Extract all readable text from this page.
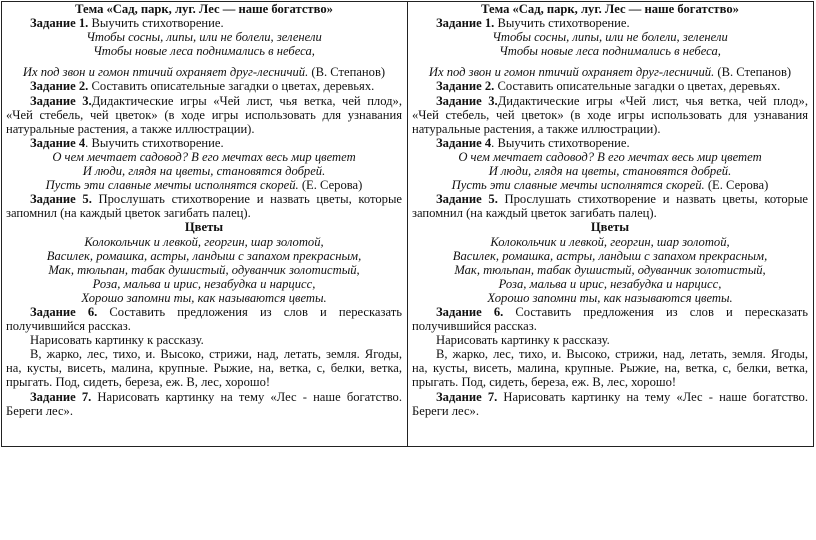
Тема «Сад, парк, луг. Лес — наше богатство»

Задание 1. Выучить стихотворение.

Чтобы сосны, липы, или не болели, зеленели

Чтобы новые леса поднимались в небеса,

Их под звон и гомон птичий охраняет друг-лесничий. (В. Степанов)

Задание 2. Составить описательные загадки о цветах, деревьях.

Задание 3.Дидактические игры «Чей лист, чья ветка, чей плод», «Чей стебель, чей цветок» (в ходе игры использовать для узнавания натуральные растения, а также иллюстрации).

Задание 4. Выучить стихотворение.

О чем мечтает садовод? В его мечтах весь мир цветет

И люди, глядя на цветы, становятся добрей.

Пусть эти славные мечты исполнятся скорей. (Е. Серова)

Задание 5. Прослушать стихотворение и назвать цветы, которые запомнил (на каждый цветок загибать палец).

Цветы

Колокольчик и левкой, георгин, шар золотой,

Василек, ромашка, астры, ландыш с запахом прекрасным,

Мак, тюльпан, табак душистый, одуванчик золотистый,

Роза, мальва и ирис, незабудка и нарцисс,

Хорошо запомни ты, как называются цветы.

Задание 6. Составить предложения из слов и пересказать получившийся рассказ.

Нарисовать картинку к рассказу.

В, жарко, лес, тихо, и. Высоко, стрижи, над, летать, земля. Ягоды, на, кусты, висеть, малина, крупные. Рыжие, на, ветка, с, белки, ветка, прыгать. Под, сидеть, береза, еж. В, лес, хорошо!

Задание 7. Нарисовать картинку на тему «Лес - наше богатство. Береги лес».

Тема «Сад, парк, луг. Лес — наше богатство»

Задание 1. Выучить стихотворение.

Чтобы сосны, липы, или не болели, зеленели

Чтобы новые леса поднимались в небеса,

Их под звон и гомон птичий охраняет друг-лесничий. (В. Степанов)

Задание 2. Составить описательные загадки о цветах, деревьях.

Задание 3.Дидактические игры «Чей лист, чья ветка, чей плод», «Чей стебель, чей цветок» (в ходе игры использовать для узнавания натуральные растения, а также иллюстрации).

Задание 4. Выучить стихотворение.

О чем мечтает садовод? В его мечтах весь мир цветет

И люди, глядя на цветы, становятся добрей.

Пусть эти славные мечты исполнятся скорей. (Е. Серова)

Задание 5. Прослушать стихотворение и назвать цветы, которые запомнил (на каждый цветок загибать палец).

Цветы

Колокольчик и левкой, георгин, шар золотой,

Василек, ромашка, астры, ландыш с запахом прекрасным,

Мак, тюльпан, табак душистый, одуванчик золотистый,

Роза, мальва и ирис, незабудка и нарцисс,

Хорошо запомни ты, как называются цветы.

Задание 6. Составить предложения из слов и пересказать получившийся рассказ.

Нарисовать картинку к рассказу.

В, жарко, лес, тихо, и. Высоко, стрижи, над, летать, земля. Ягоды, на, кусты, висеть, малина, крупные. Рыжие, на, ветка, с, белки, ветка, прыгать. Под, сидеть, береза, еж. В, лес, хорошо!

Задание 7. Нарисовать картинку на тему «Лес - наше богатство. Береги лес».
